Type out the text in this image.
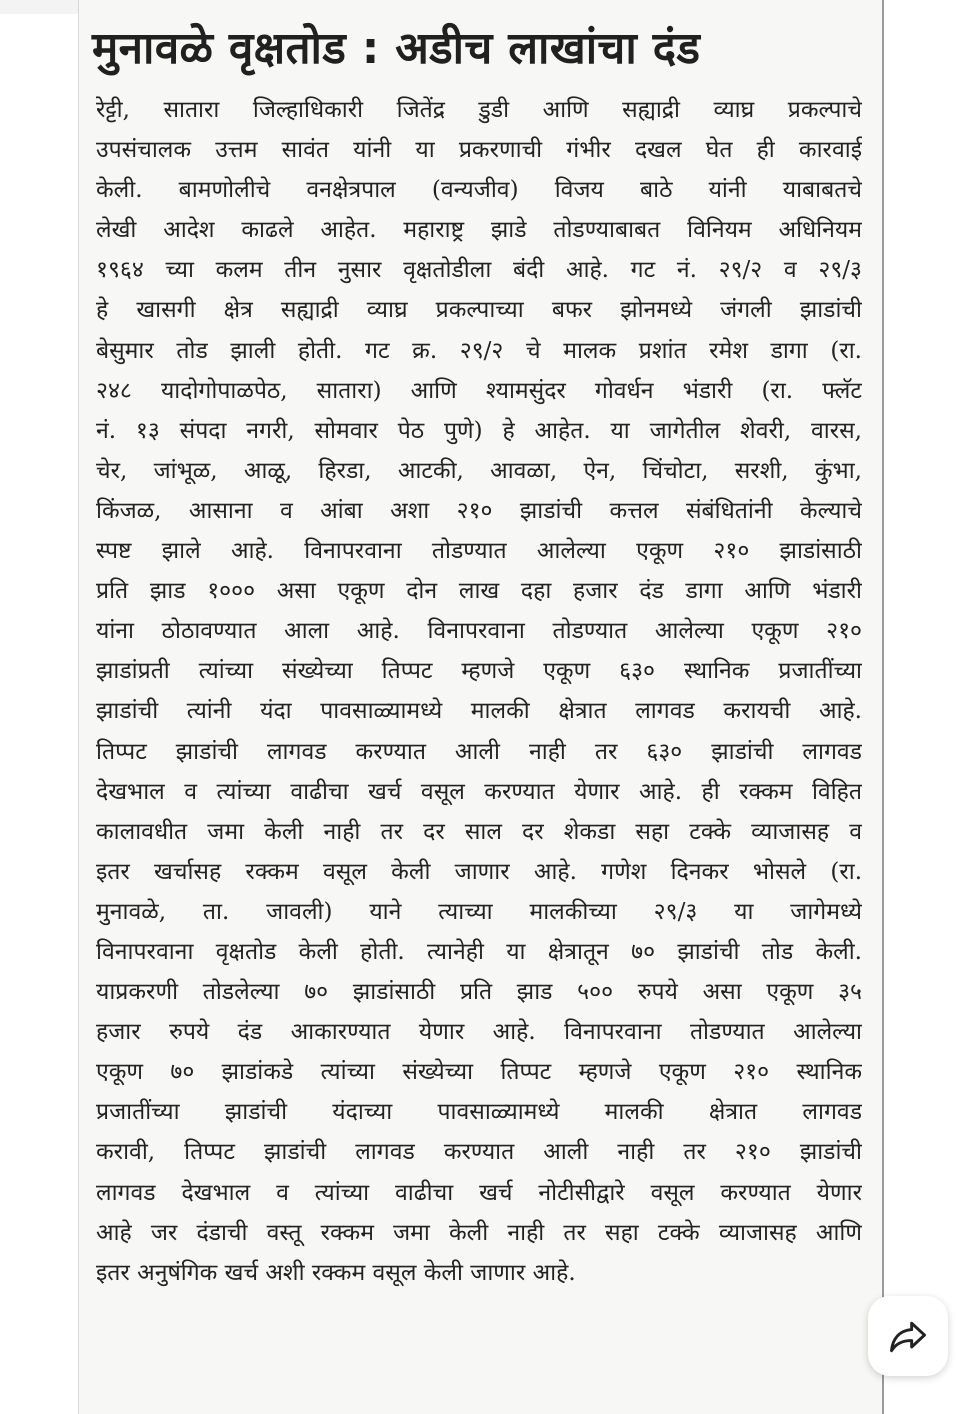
मुनावळे वृक्षतोड : अडीच लाखांचा दंड
रेट्टी, सातारा जिल्हाधिकारी जितेंद्र डुडी आणि सह्याद्री व्याघ्र प्रकल्पाचे
उपसंचालक उत्तम सावंत यांनी या प्रकरणाची गंभीर दखल घेत ही कारवाई
केली. बामणोलीचे वनक्षेत्रपाल (वन्यजीव) विजय बाठे यांनी याबाबतचे
लेखी आदेश काढले आहेत. महाराष्ट्र झाडे तोडण्याबाबत विनियम अधिनियम
१९६४ च्या कलम तीन नुसार वृक्षतोडीला बंदी आहे. गट नं. २९/२ व २९/३
हे खासगी क्षेत्र सह्याद्री व्याघ्र प्रकल्पाच्या बफर झोनमध्ये जंगली झाडांची
बेसुमार तोड झाली होती. गट क्र. २९/२ चे मालक प्रशांत रमेश डागा (रा.
२४८ यादोगोपाळपेठ, सातारा) आणि श्यामसुंदर गोवर्धन भंडारी (रा. फ्लॅट
नं. १३ संपदा नगरी, सोमवार पेठ पुणे) हे आहेत. या जागेतील शेवरी, वारस,
चेर, जांभूळ, आळू, हिरडा, आटकी, आवळा, ऐन, चिंचोटा, सरशी, कुंभा,
किंजळ, आसाना व आंबा अशा २१० झाडांची कत्तल संबंधितांनी केल्याचे
स्पष्ट झाले आहे. विनापरवाना तोडण्यात आलेल्या एकूण २१० झाडांसाठी
प्रति झाड १००० असा एकूण दोन लाख दहा हजार दंड डागा आणि भंडारी
यांना ठोठावण्यात आला आहे. विनापरवाना तोडण्यात आलेल्या एकूण २१०
झाडांप्रती त्यांच्या संख्येच्या तिप्पट म्हणजे एकूण ६३० स्थानिक प्रजातींच्या
झाडांची त्यांनी यंदा पावसाळ्यामध्ये मालकी क्षेत्रात लागवड करायची आहे.
तिप्पट झाडांची लागवड करण्यात आली नाही तर ६३० झाडांची लागवड
देखभाल व त्यांच्या वाढीचा खर्च वसूल करण्यात येणार आहे. ही रक्कम विहित
कालावधीत जमा केली नाही तर दर साल दर शेकडा सहा टक्के व्याजासह व
इतर खर्चासह रक्कम वसूल केली जाणार आहे. गणेश दिनकर भोसले (रा.
मुनावळे, ता. जावली) याने त्याच्या मालकीच्या २९/३ या जागेमध्ये
विनापरवाना वृक्षतोड केली होती. त्यानेही या क्षेत्रातून ७० झाडांची तोड केली.
याप्रकरणी तोडलेल्या ७० झाडांसाठी प्रति झाड ५०० रुपये असा एकूण ३५
हजार रुपये दंड आकारण्यात येणार आहे. विनापरवाना तोडण्यात आलेल्या
एकूण ७० झाडांकडे त्यांच्या संख्येच्या तिप्पट म्हणजे एकूण २१० स्थानिक
प्रजातींच्या झाडांची यंदाच्या पावसाळ्यामध्ये मालकी क्षेत्रात लागवड
करावी, तिप्पट झाडांची लागवड करण्यात आली नाही तर २१० झाडांची
लागवड देखभाल व त्यांच्या वाढीचा खर्च नोटीसीद्वारे वसूल करण्यात येणार
आहे जर दंडाची वस्तू रक्कम जमा केली नाही तर सहा टक्के व्याजासह आणि
इतर अनुषंगिक खर्च अशी रक्कम वसूल केली जाणार आहे.
